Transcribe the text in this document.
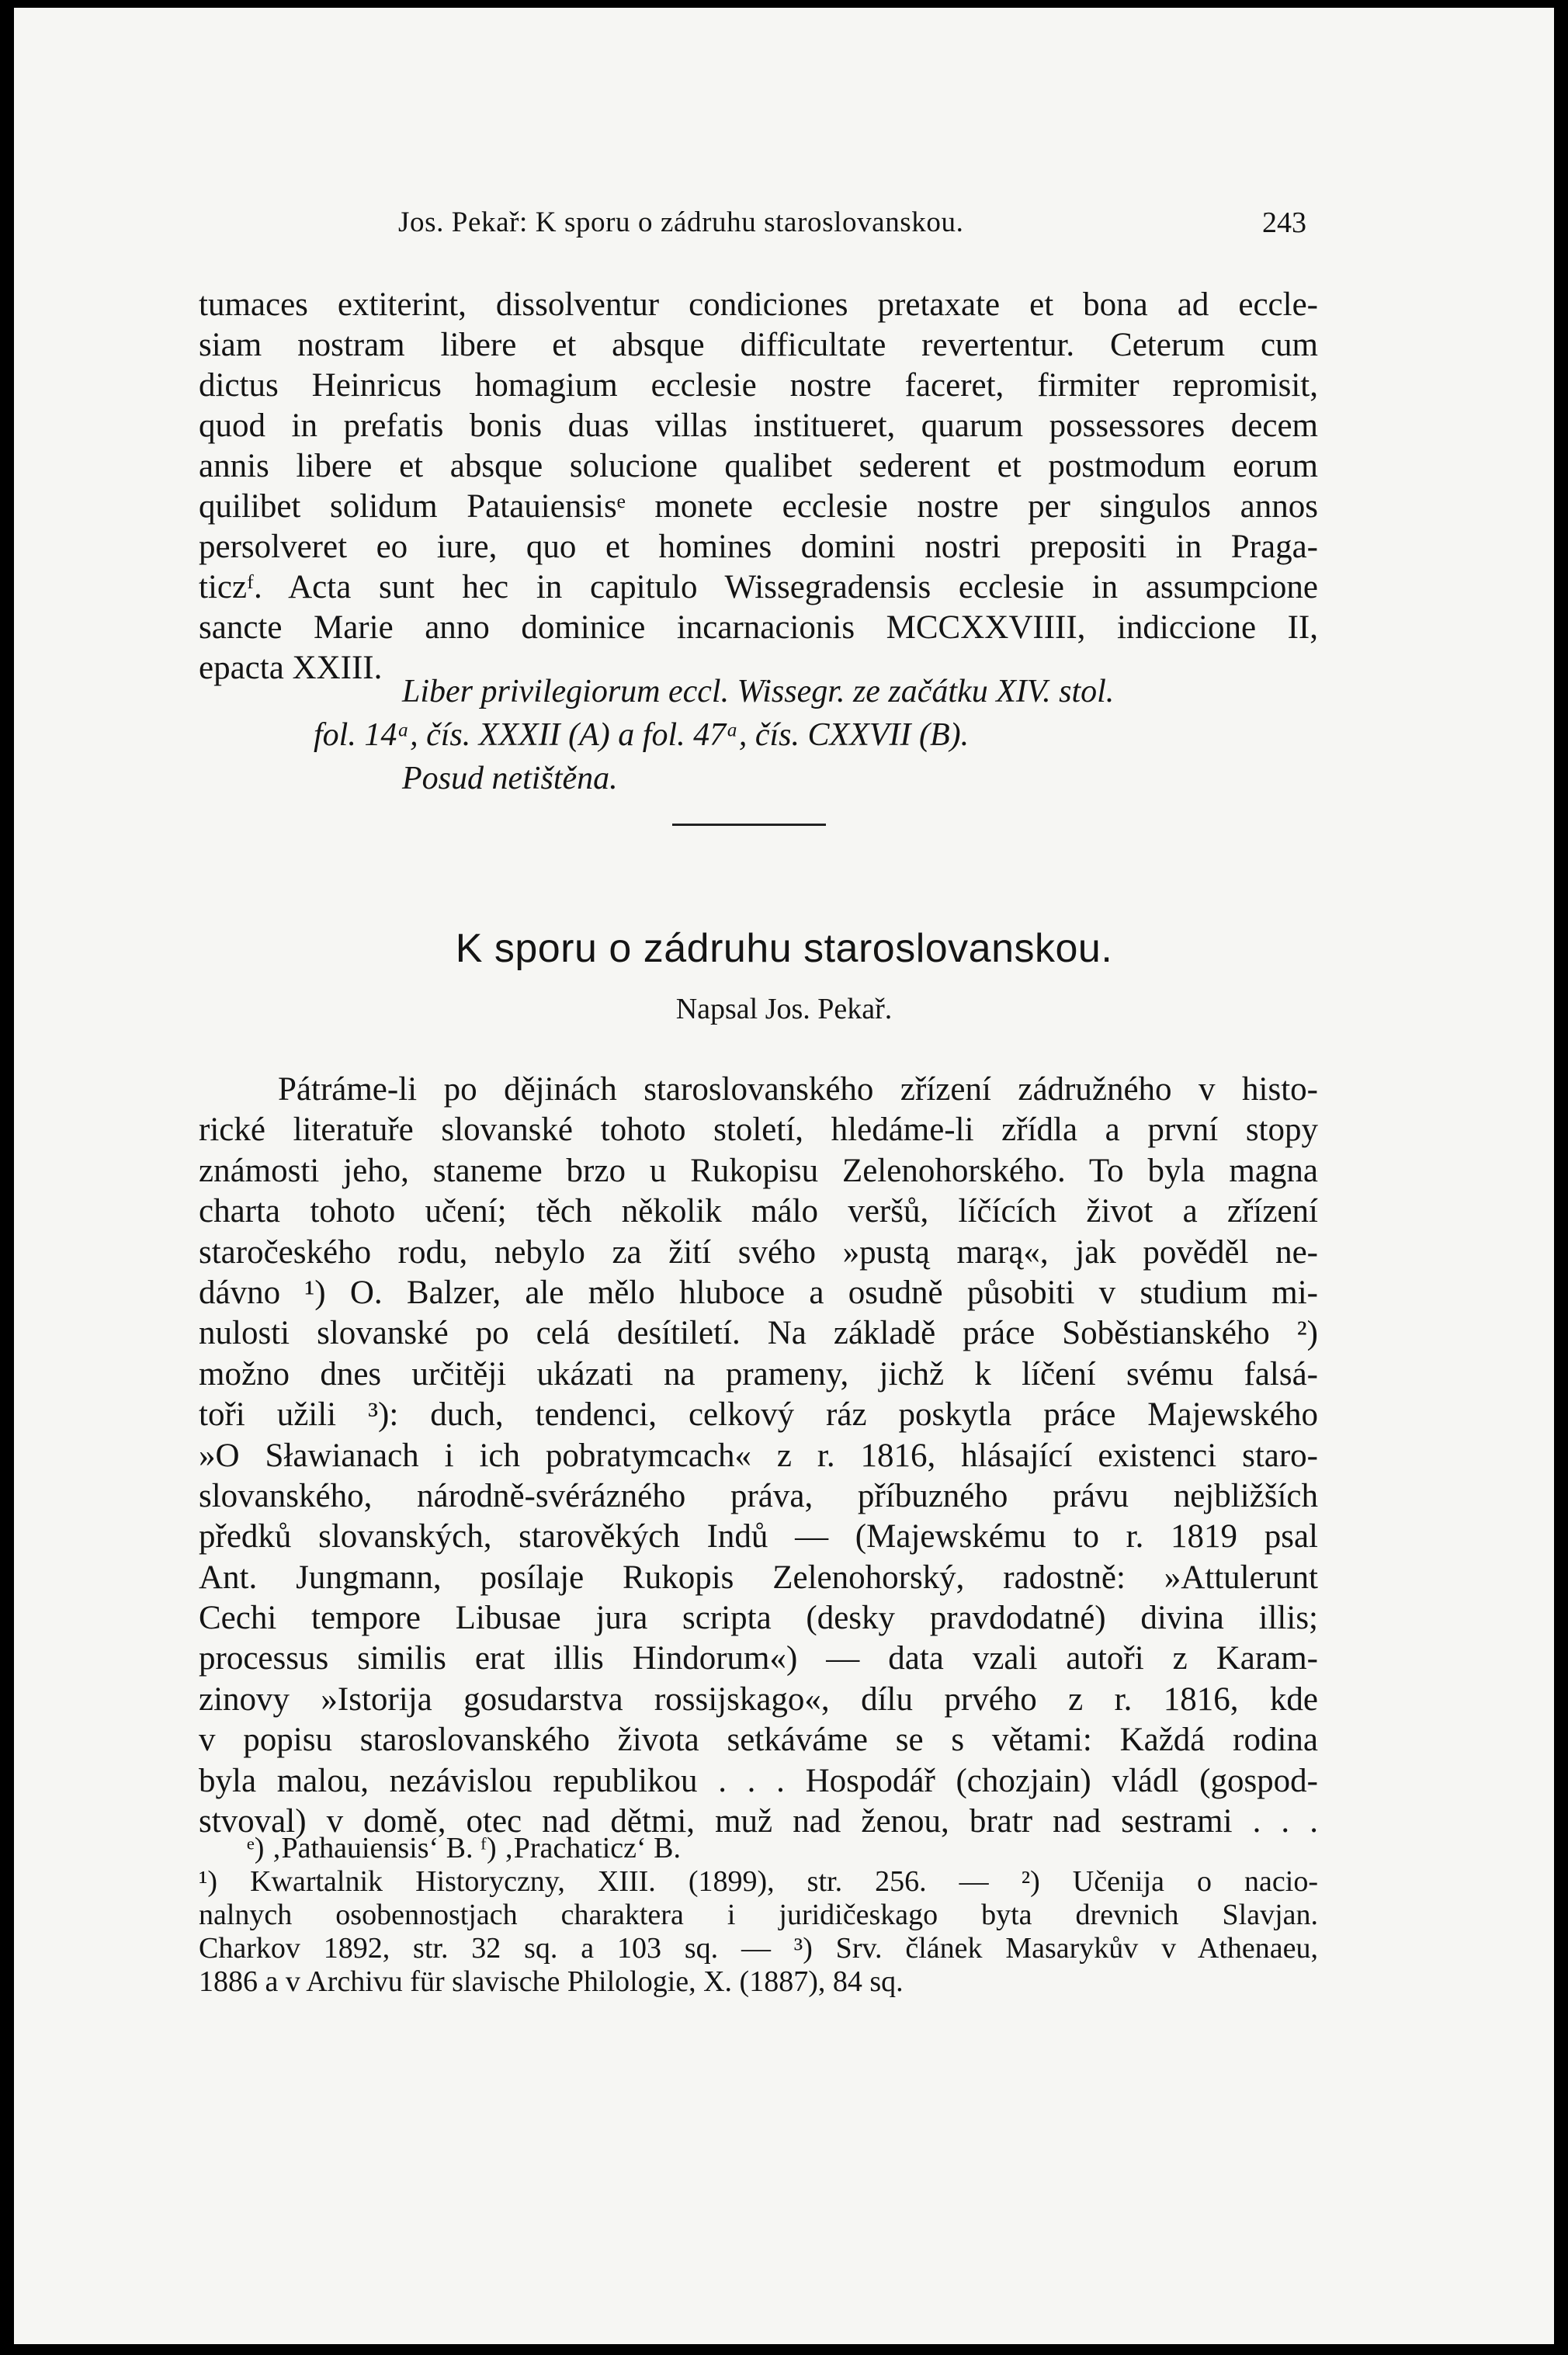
Jos. Pekař: K sporu o zádruhu staroslovanskou.	243
tumaces extiterint, dissolventur condiciones pretaxate et bona ad eccle-
siam nostram libere et absque difficultate revertentur. Ceterum cum
dictus Heinricus homagium ecclesie nostre faceret, firmiter repromisit,
quod in prefatis bonis duas villas institueret, quarum possessores decem
annis libere et absque solucione qualibet sederent et postmodum eorum
quilibet solidum Patauiensisᵉ monete ecclesie nostre per singulos annos
persolveret eo iure, quo et homines domini nostri prepositi in Praga-
ticzᶠ. Acta sunt hec in capitulo Wissegradensis ecclesie in assumpcione
sancte Marie anno dominice incarnacionis MCCXXVIIII, indiccione II,
epacta XXIII.
Liber privilegiorum eccl. Wissegr. ze začátku XIV. stol.
fol. 14ᵃ, čís. XXXII (A) a fol. 47ᵃ, čís. CXXVII (B).
Posud netištěna.
K sporu o zádruhu staroslovanskou.
Napsal Jos. Pekař.
Pátráme-li po dějinách staroslovanského zřízení zádružného v histo-
rické literatuře slovanské tohoto století, hledáme-li zřídla a první stopy
známosti jeho, staneme brzo u Rukopisu Zelenohorského. To byla magna
charta tohoto učení; těch několik málo veršů, líčících život a zřízení
staročeského rodu, nebylo za žití svého »pustą marą«, jak pověděl ne-
dávno ¹) O. Balzer, ale mělo hluboce a osudně působiti v studium mi-
nulosti slovanské po celá desítiletí. Na základě práce Soběstianského ²)
možno dnes určitěji ukázati na prameny, jichž k líčení svému falsá-
toři užili ³): duch, tendenci, celkový ráz poskytla práce Majewského
»O Sławianach i ich pobratymcach« z r. 1816, hlásající existenci staro-
slovanského, národně-svérázného práva, příbuzného právu nejbližších
předků slovanských, starověkých Indů — (Majewskému to r. 1819 psal
Ant. Jungmann, posílaje Rukopis Zelenohorský, radostně: »Attulerunt
Cechi tempore Libusae jura scripta (desky pravdodatné) divina illis;
processus similis erat illis Hindorum«) — data vzali autoři z Karam-
zinovy »Istorija gosudarstva rossijskago«, dílu prvého z r. 1816, kde
v popisu staroslovanského života setkáváme se s větami: Každá rodina
byla malou, nezávislou republikou . . . Hospodář (chozjain) vládl (gospod-
stvoval) v domě, otec nad dětmi, muž nad ženou, bratr nad sestrami . . .
ᵉ) ‚Pathauiensis‘ B. ᶠ) ‚Prachaticz‘ B.
¹) Kwartalnik Historyczny, XIII. (1899), str. 256. — ²) Učenija o nacio-
nalnych osobennostjach charaktera i juridičeskago byta drevnich Slavjan.
Charkov 1892, str. 32 sq. a 103 sq. — ³) Srv. článek Masarykův v Athenaeu,
1886 a v Archivu für slavische Philologie, X. (1887), 84 sq.
